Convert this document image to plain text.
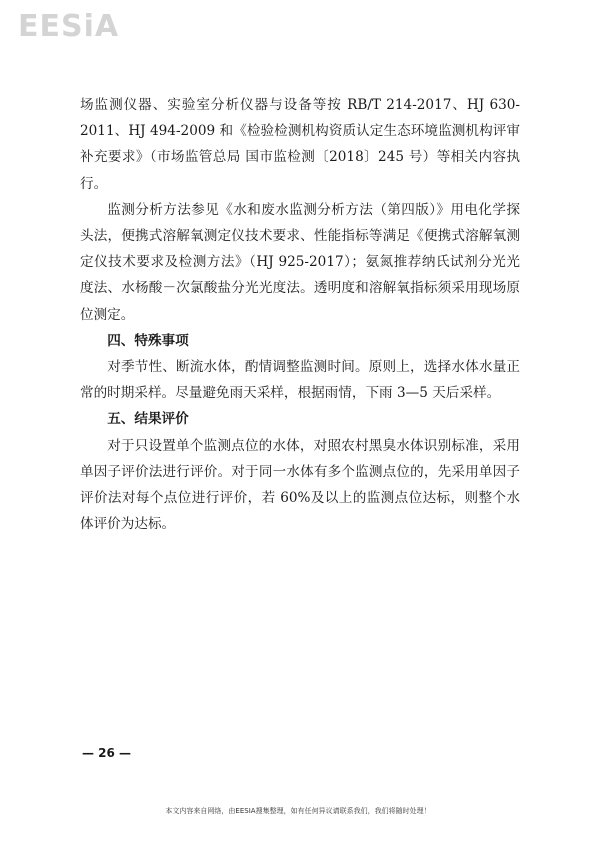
EESiA

场监测仪器、实验室分析仪器与设备等按 RB/T 214-2017、HJ 630-2011、HJ 494-2009 和《检验检测机构资质认定生态环境监测机构评审补充要求》（市场监管总局 国市监检测〔2018〕245 号）等相关内容执行。

监测分析方法参见《水和废水监测分析方法（第四版）》用电化学探头法，便携式溶解氧测定仪技术要求、性能指标等满足《便携式溶解氧测定仪技术要求及检测方法》（HJ 925-2017）；氨氮推荐纳氏试剂分光光度法、水杨酸－次氯酸盐分光光度法。透明度和溶解氧指标须采用现场原位测定。

四、特殊事项

对季节性、断流水体，酌情调整监测时间。原则上，选择水体水量正常的时期采样。尽量避免雨天采样，根据雨情，下雨 3—5 天后采样。

五、结果评价

对于只设置单个监测点位的水体，对照农村黑臭水体识别标准，采用单因子评价法进行评价。对于同一水体有多个监测点位的，先采用单因子评价法对每个点位进行评价，若 60%及以上的监测点位达标，则整个水体评价为达标。

— 26 —
本文内容来自网络，由EESIA搜集整理，如有任何异议请联系我们，我们将随时处理！
